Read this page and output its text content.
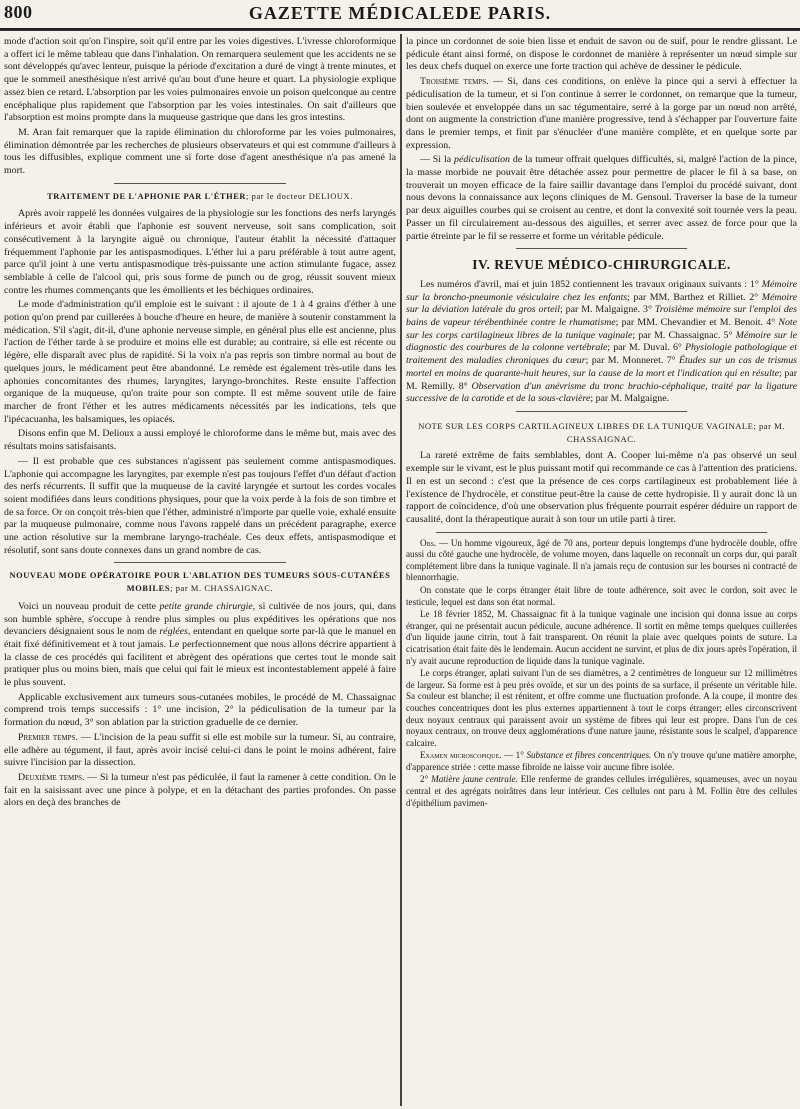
800	GAZETTE MÉDICALEDE PARIS.

mode d'action soit qu'on l'inspire, soit qu'il entre par les voies digestives. L'ivresse chloroformique a offert ici le même tableau que dans l'inhalation. On remarquera seulement que les accidents ne se sont développés qu'avec lenteur, puisque la période d'excitation a duré de vingt à trente minutes, et que le sommeil anesthésique n'est arrivé qu'au bout d'une heure et quart. La physiologie explique assez bien ce retard. L'absorption par les voies pulmonaires envoie un poison quelconque au centre encéphalique plus rapidement que l'absorption par les voies intestinales. On sait d'ailleurs que l'absorption est moins prompte dans la muqueuse gastrique que dans les gros intestins.

M. Aran fait remarquer que la rapide élimination du chloroforme par les voies pulmonaires, élimination démontrée par les recherches de plusieurs observateurs et qui est commune d'ailleurs à tous les diffusibles, explique comment une si forte dose d'agent anesthésique n'a pas amené la mort.

TRAITEMENT DE L'APHONIE PAR L'ÉTHER; par le docteur DELIOUX.

Après avoir rappelé les données vulgaires de la physiologie sur les fonctions des nerfs laryngés inférieurs et avoir établi que l'aphonie est souvent nerveuse, soit sans complication, soit consécutivement à la laryngite aiguë ou chronique, l'auteur établit la nécessité d'attaquer fréquemment l'aphonie par les antispasmodiques. L'éther lui a paru préférable à tout autre agent, parce qu'il joint à une vertu antispasmodique très-puissante une action stimulante fugace, assez semblable à celle de l'alcool qui, pris sous forme de punch ou de grog, réussit souvent mieux contre les rhumes commençants que les émollients et les béchiques ordinaires.

Le mode d'administration qu'il emploie est le suivant : il ajoute de 1 à 4 grains d'éther à une potion qu'on prend par cuillerées à bouche d'heure en heure, de manière à soutenir constamment la médication. S'il s'agit, dit-il, d'une aphonie nerveuse simple, en général plus elle est ancienne, plus l'action de l'éther tarde à se produire et moins elle est durable; au contraire, si elle est récente ou légère, elle disparaît avec plus de rapidité. Si la voix n'a pas repris son timbre normal au bout de quelques jours, le médicament peut être abandonné. Le remède est également très-utile dans les aphonies concomitantes des rhumes, laryngites, laryngo-bronchites. Reste ensuite l'affection organique de la muqueuse, qu'on traite pour son compte. Il est même souvent utile de faire marcher de front l'éther et les autres médicaments nécessités par les indications, tels que l'ipécacuanha, les balsamiques, les opiacés.

Disons enfin que M. Delioux a aussi employé le chloroforme dans le même but, mais avec des résultats moins satisfaisants.

— Il est probable que ces substances n'agissent pas seulement comme antispasmodiques. L'aphonie qui accompagne les laryngites, par exemple n'est pas toujours l'effet d'un défaut d'action des nerfs récurrents. Il suffit que la muqueuse de la cavité laryngée et surtout les cordes vocales soient modifiées dans leurs conditions physiques, pour que la voix perde à la fois de son timbre et de sa force. Or on conçoit très-bien que l'éther, administré n'importe par quelle voie, exhalé ensuite par la muqueuse pulmonaire, comme nous l'avons rappelé dans un précédent paragraphe, exerce une action résolutive sur la membrane laryngo-trachéale. Ces deux effets, antispasmodique et résolutif, sont sans doute connexes dans un grand nombre de cas.

NOUVEAU MODE OPÉRATOIRE POUR L'ABLATION DES TUMEURS SOUS-CUTANÉES MOBILES; par M. CHASSAIGNAC.

Voici un nouveau produit de cette petite grande chirurgie, si cultivée de nos jours, qui, dans son humble sphère, s'occupe à rendre plus simples ou plus expéditives les opérations que nos devanciers désignaient sous le nom de réglées, entendant en quelque sorte par-là que le manuel en était fixé définitivement et à tout jamais. Le perfectionnement que nous allons décrire appartient à la classe de ces procédés qui facilitent et abrègent des opérations que certes tout le monde sait pratiquer plus ou moins bien, mais que celui qui fait le mieux est incontestablement appelé à faire le plus souvent.

Applicable exclusivement aux tumeurs sous-cutanées mobiles, le procédé de M. Chassaignac comprend trois temps successifs : 1° une incision, 2° la pédiculisation de la tumeur par la formation du nœud, 3° son ablation par la striction graduelle de ce dernier.

Premier temps. — L'incision de la peau suffit si elle est mobile sur la tumeur. Si, au contraire, elle adhère au tégument, il faut, après avoir incisé celui-ci dans le point le moins adhérent, faire suivre l'incision par la dissection.

Deuxième temps. — Si la tumeur n'est pas pédiculée, il faut la ramener à cette condition. On le fait en la saisissant avec une pince à polype, et en la détachant des parties profondes. On passe alors en deçà des branches de

la pince un cordonnet de soie bien lisse et enduit de savon ou de suif, pour le rendre glissant. Le pédicule étant ainsi formé, on dispose le cordonnet de manière à représenter un nœud simple sur les deux chefs duquel on exerce une forte traction qui achève de dessiner le pédicule.

Troisième temps. — Si, dans ces conditions, on enlève la pince qui a servi à effectuer la pédiculisation de la tumeur, et si l'on continue à serrer le cordonnet, on remarque que la tumeur, bien soulevée et enveloppée dans un sac tégumentaire, serré à la gorge par un nœud non arrêté, dont on augmente la constriction d'une manière progressive, tend à s'échapper par l'ouverture faite dans le premier temps, et finit par s'énucléer d'une manière complète, et en quelque sorte par expression.

— Si la pédiculisation de la tumeur offrait quelques difficultés, si, malgré l'action de la pince, la masse morbide ne pouvait être détachée assez pour permettre de placer le fil à sa base, on trouverait un moyen efficace de la faire saillir davantage dans l'emploi du procédé suivant, dont nous devons la connaissance aux leçons cliniques de M. Gensoul. Traverser la base de la tumeur par deux aiguilles courbes qui se croisent au centre, et dont la convexité soit tournée vers la peau. Passer un fil circulairement au-dessous des aiguilles, et serrer avec assez de force pour que la partie étreinte par le fil se resserre et forme un véritable pédicule.

IV. REVUE MÉDICO-CHIRURGICALE.

Les numéros d'avril, mai et juin 1852 contiennent les travaux originaux suivants : 1° Mémoire sur la broncho-pneumonie vésiculaire chez les enfants; par MM. Barthez et Rilliet. 2° Mémoire sur la déviation latérale du gros orteil; par M. Malgaigne. 3° Troisième mémoire sur l'emploi des bains de vapeur térébenthinée contre le rhumatisme; par MM. Chevandier et M. Benoit. 4° Note sur les corps cartilagineux libres de la tunique vaginale; par M. Chassaignac. 5° Mémoire sur le diagnostic des courbures de la colonne vertébrale; par M. Duval. 6° Physiologie pathologique et traitement des maladies chroniques du cœur; par M. Monneret. 7° Études sur un cas de trismus mortel en moins de quarante-huit heures, sur la cause de la mort et l'indication qui en résulte; par M. Remilly. 8° Observation d'un anévrisme du tronc brachio-céphalique, traité par la ligature successive de la carotide et de la sous-clavière; par M. Malgaigne.

NOTE SUR LES CORPS CARTILAGINEUX LIBRES DE LA TUNIQUE VAGINALE; par M. CHASSAIGNAC.

La rareté extrême de faits semblables, dont A. Cooper lui-même n'a pas observé un seul exemple sur le vivant, est le plus puissant motif qui recommande ce cas à l'attention des praticiens. Il en est un second : c'est que la présence de ces corps cartilagineux est probablement liée à l'existence de l'hydrocèle, et constitue peut-être la cause de cette hydropisie. Il y aurait donc là un rapport de coïncidence, d'où une observation plus fréquente pourrait espérer déduire un rapport de causalité, dont la thérapeutique aurait à son tour un utile parti à tirer.

Obs. — Un homme vigoureux, âgé de 70 ans, porteur depuis longtemps d'une hydrocèle double, offre aussi du côté gauche une hydrocèle, de volume moyen, dans laquelle on reconnaît un corps dur, qui paraît complétement libre dans la tunique vaginale. Il n'a jamais reçu de contusion sur les bourses ni contracté de blennorrhagie.

On constate que le corps étranger était libre de toute adhérence, soit avec le cordon, soit avec le testicule, lequel est dans son état normal.

Le 18 février 1852, M. Chassaignac fit à la tunique vaginale une incision qui donna issue au corps étranger, qui ne présentait aucun pédicule, aucune adhérence. Il sortit en même temps quelques cuillerées d'un liquide jaune citrin, tout à fait transparent. On réunit la plaie avec quelques points de suture. La cicatrisation était faite dès le lendemain. Aucun accident ne survint, et plus de dix jours après l'opération, il n'y avait aucune reproduction de liquide dans la tunique vaginale.

Le corps étranger, aplati suivant l'un de ses diamètres, a 2 centimètres de longueur sur 12 millimètres de largeur. Sa forme est à peu près ovoïde, et sur un des points de sa surface, il présente un véritable hile. Sa couleur est blanche; il est rénitent, et offre comme une fluctuation profonde. A la coupe, il montre des couches concentriques dont les plus externes appartiennent à tout le corps étranger; elles circonscrivent deux noyaux centraux qui paraissent avoir un système de fibres qui leur est propre. Dans l'un de ces noyaux centraux, on trouve deux agglomérations d'une nature jaune, résistante sous le scalpel, d'apparence calcaire.

Examen microscopique. — 1° Substance et fibres concentriques. On n'y trouve qu'une matière amorphe, d'apparence striée : cette masse fibroïde ne laisse voir aucune fibre isolée.

2° Matière jaune centrale. Elle renferme de grandes cellules irrégulières, squameuses, avec un noyau central et des agrégats noirâtres dans leur intérieur. Ces cellules ont paru à M. Follin être des cellules d'épithélium pavimen-
